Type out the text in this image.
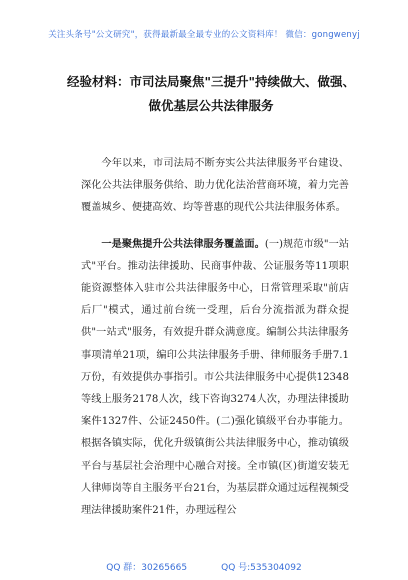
关注头条号"公文研究"，获得最新最全最专业的公文资料库！ 微信：gongwenyj
经验材料：市司法局聚焦"三提升"持续做大、做强、做优基层公共法律服务

今年以来，市司法局不断夯实公共法律服务平台建设、深化公共法律服务供给、助力优化法治营商环境，着力完善覆盖城乡、便捷高效、均等普惠的现代公共法律服务体系。

一是聚焦提升公共法律服务覆盖面。(一)规范市级"一站式"平台。推动法律援助、民商事仲裁、公证服务等11项职能资源整体入驻市公共法律服务中心，日常管理采取"前店后厂"模式，通过前台统一受理，后台分流指派为群众提供"一站式"服务，有效提升群众满意度。编制公共法律服务事项清单21项，编印公共法律服务手册、律师服务手册7.1万份，有效提供办事指引。市公共法律服务中心提供12348等线上服务2178人次，线下咨询3274人次，办理法律援助案件1327件、公证2450件。(二)强化镇级平台办事能力。根据各镇实际，优化升级镇街公共法律服务中心，推动镇级平台与基层社会治理中心融合对接。全市镇(区)街道安装无人律师岗等自主服务平台21台，为基层群众通过远程视频受理法律援助案件21件，办理远程公

QQ 群：30265665	QQ 号:535304092
